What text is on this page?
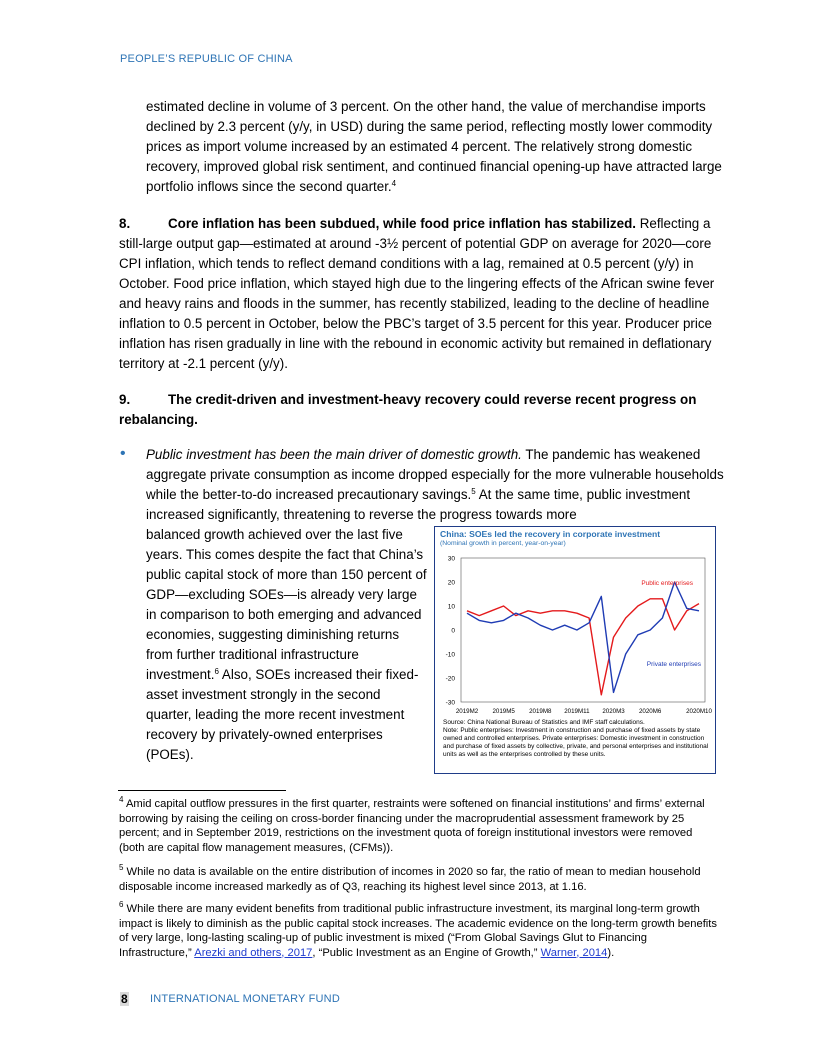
PEOPLE’S REPUBLIC OF CHINA

estimated decline in volume of 3 percent. On the other hand, the value of merchandise imports declined by 2.3 percent (y/y, in USD) during the same period, reflecting mostly lower commodity prices as import volume increased by an estimated 4 percent. The relatively strong domestic recovery, improved global risk sentiment, and continued financial opening-up have attracted large portfolio inflows since the second quarter.$^4$

8.	Core inflation has been subdued, while food price inflation has stabilized. Reflecting a still-large output gap—estimated at around -3½ percent of potential GDP on average for 2020—core CPI inflation, which tends to reflect demand conditions with a lag, remained at 0.5 percent (y/y) in October. Food price inflation, which stayed high due to the lingering effects of the African swine fever and heavy rains and floods in the summer, has recently stabilized, leading to the decline of headline inflation to 0.5 percent in October, below the PBC’s target of 3.5 percent for this year. Producer price inflation has risen gradually in line with the rebound in economic activity but remained in deflationary territory at -2.1 percent (y/y).

9.	The credit-driven and investment-heavy recovery could reverse recent progress on rebalancing.

• Public investment has been the main driver of domestic growth. The pandemic has weakened aggregate private consumption as income dropped especially for the more vulnerable households while the better-to-do increased precautionary savings.$^5$ At the same time, public investment increased significantly, threatening to reverse the progress towards more

balanced growth achieved over the last five years. This comes despite the fact that China’s public capital stock of more than 150 percent of GDP—excluding SOEs—is already very large in comparison to both emerging and advanced economies, suggesting diminishing returns from further traditional infrastructure investment.$^6$ Also, SOEs increased their fixed-asset investment strongly in the second quarter, leading the more recent investment recovery by privately-owned enterprises (POEs).

China: SOEs led the recovery in corporate investment
(Nominal growth in percent, year-on-year)
30
20
10
0
-10
-20
-30
2019M2 2019M5 2019M8 2019M11 2020M3 2020M6	2020M10
Public enterprises
Private enterprises

Source: China National Bureau of Statistics and IMF staff calculations.
Note: Public enterprises: Investment in construction and purchase of fixed assets by state owned and controlled enterprises. Private enterprises: Domestic investment in construction and purchase of fixed assets by collective, private, and personal enterprises and institutional units as well as the enterprises controlled by these units.

$^4$ Amid capital outflow pressures in the first quarter, restraints were softened on financial institutions’ and firms’ external borrowing by raising the ceiling on cross-border financing under the macroprudential assessment framework by 25 percent; and in September 2019, restrictions on the investment quota of foreign institutional investors were removed (both are capital flow management measures, (CFMs)).

$^5$ While no data is available on the entire distribution of incomes in 2020 so far, the ratio of mean to median household disposable income increased markedly as of Q3, reaching its highest level since 2013, at 1.16.

$^6$ While there are many evident benefits from traditional public infrastructure investment, its marginal long-term growth impact is likely to diminish as the public capital stock increases. The academic evidence on the long-term growth benefits of very large, long-lasting scaling-up of public investment is mixed (“From Global Savings Glut to Financing Infrastructure,” Arezki and others, 2017, “Public Investment as an Engine of Growth,” Warner, 2014).

8 INTERNATIONAL MONETARY FUND
